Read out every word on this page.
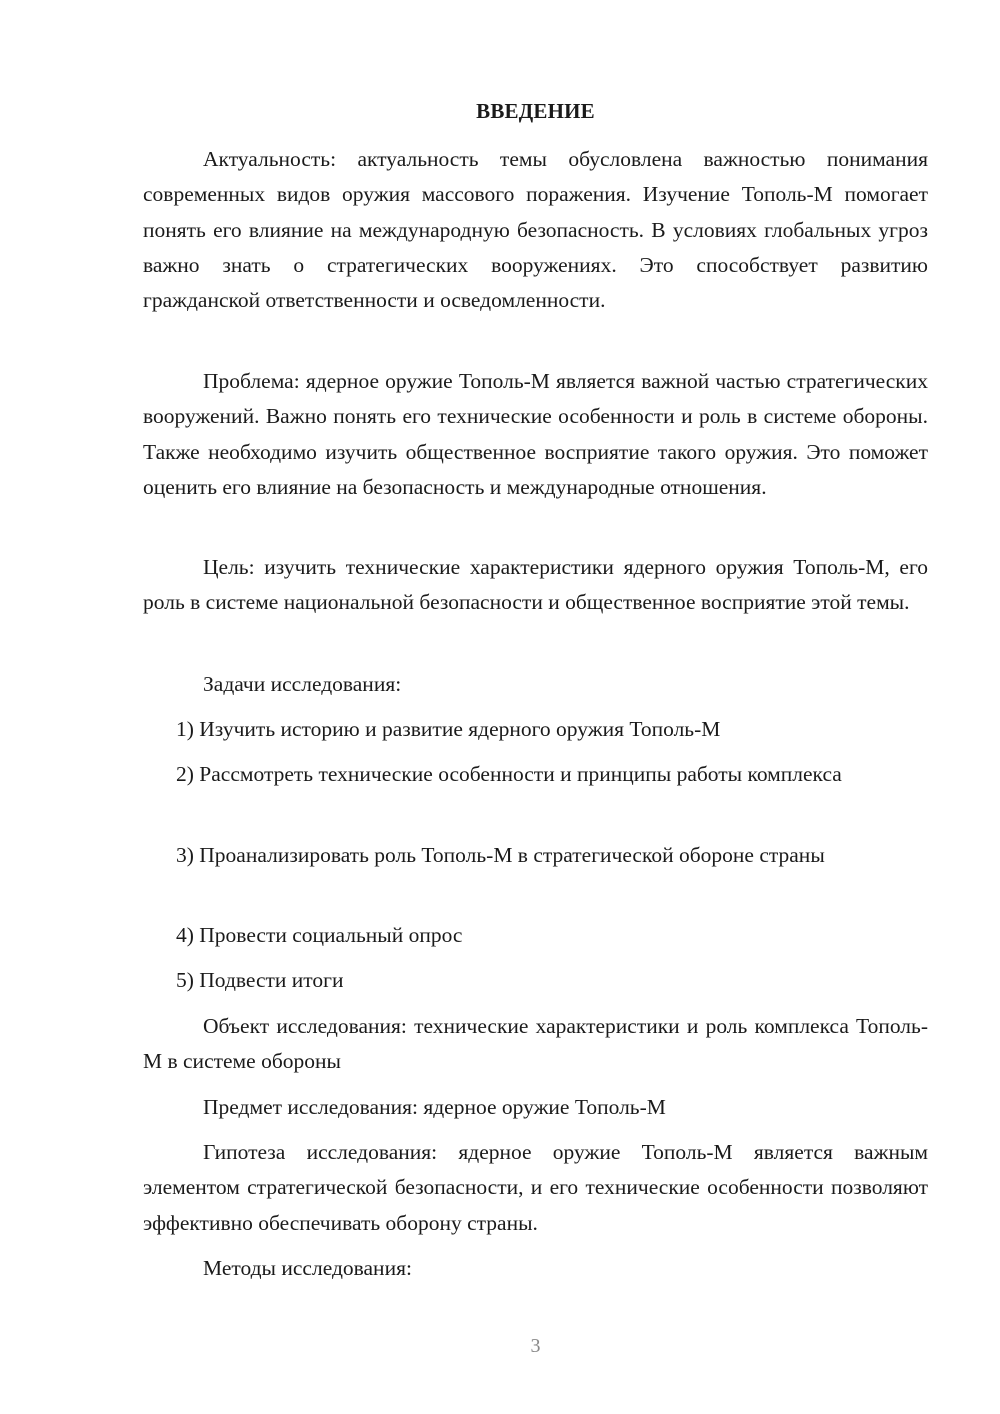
ВВЕДЕНИЕ

Актуальность: актуальность темы обусловлена важностью понимания современных видов оружия массового поражения. Изучение Тополь-М помогает понять его влияние на международную безопасность. В условиях глобальных угроз важно знать о стратегических вооружениях. Это способствует развитию гражданской ответственности и осведомленности.

Проблема: ядерное оружие Тополь-М является важной частью стратегических вооружений. Важно понять его технические особенности и роль в системе обороны. Также необходимо изучить общественное восприятие такого оружия. Это поможет оценить его влияние на безопасность и международные отношения.

Цель: изучить технические характеристики ядерного оружия Тополь-М, его роль в системе национальной безопасности и общественное восприятие этой темы.

Задачи исследования:

1) Изучить историю и развитие ядерного оружия Тополь-М

2) Рассмотреть технические особенности и принципы работы комплекса

3) Проанализировать роль Тополь-М в стратегической обороне страны

4) Провести социальный опрос

5) Подвести итоги

Объект исследования: технические характеристики и роль комплекса Тополь-М в системе обороны

Предмет исследования: ядерное оружие Тополь-М

Гипотеза исследования: ядерное оружие Тополь-М является важным элементом стратегической безопасности, и его технические особенности позволяют эффективно обеспечивать оборону страны.

Методы исследования:

3
